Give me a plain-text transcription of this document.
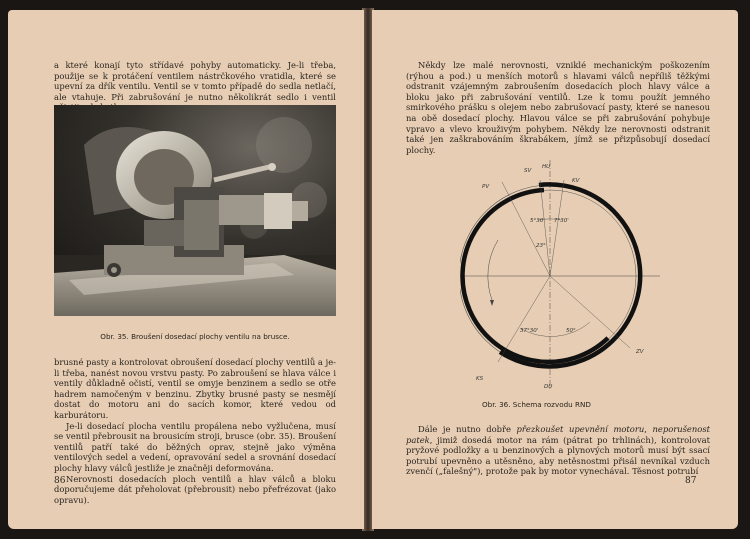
a které konají tyto střídavé pohyby automaticky. Je-li třeba, použije se k protáčení ventilem nástrčkového vratidla, které se upevní za dřík ventilu. Ventil se v tomto případě do sedla netlačí, ale vtahuje. Při zabrušování je nutno několikrát sedlo i ventil

Obr. 35. Broušení dosedací plochy ventilu na brusce.

brusné pasty a kontrolovat obroušení dosedací plochy ventilů a je-li třeba, nanést novou vrstvu pasty. Po zabroušení se hlava válce i ventily důkladně očistí, ventil se omyje benzinem a sedlo se otře hadrem namočeným v benzinu. Zbytky brusné pasty se nesmějí dostat do motoru ani do sacích komor, které vedou od karburátoru.

Je-li dosedací plocha ventilu propálena nebo vyžlučena, musí se ventil přebrousit na brousicím stroji, brusce (obr. 35). Broušení ventilů patří také do běžných oprav, stejně jako výměna ventilových sedel a vedení, opravování sedel a srovnání dosedací plochy hlavy válců jestliže je značněji deformována.

Nerovnosti dosedacích ploch ventilů a hlav válců a bloku doporučujeme dát přeholovat (přebrousit) nebo přefrézovat (jako opravu).

86

Někdy lze malé nerovnosti, vzniklé mechanickým poškozením (rýhou a pod.) u menších motorů s hlavami válců nepříliš těžkými odstranit vzájemným zabroušením dosedacích ploch hlavy válce a bloku jako při zabrušování ventilů. Lze k tomu použít jemného smirkového prášku s olejem nebo zabrušovací pasty, které se nanesou na obě dosedací plochy. Hlavou válce se při zabrušování pohybuje vpravo a vlevo krouživým pohybem. Někdy lze nerovnosti odstranit také jen zaškrabováním škrabákem, jímž se přizpůsobují dosedací plochy.

HU
SV
KV
PV
ZV
KS
DU
5°30' 7°30'
23°
37°30'	50°
Obr. 36. Schema rozvodu RND

Dále je nutno dobře přezkoušet upevnění motoru, neporušenost patek, jimiž dosedá motor na rám (pátrat po trhlinách), kontrolovat pryžové podložky a u benzinových a plynových motorů musí být ssací potrubí upevněno a utěsněno, aby netěsnostmi přisál nevníkal vzduch zvenčí („falešný"), protože pak by motor vynechával. Těsnost potrubí

87
